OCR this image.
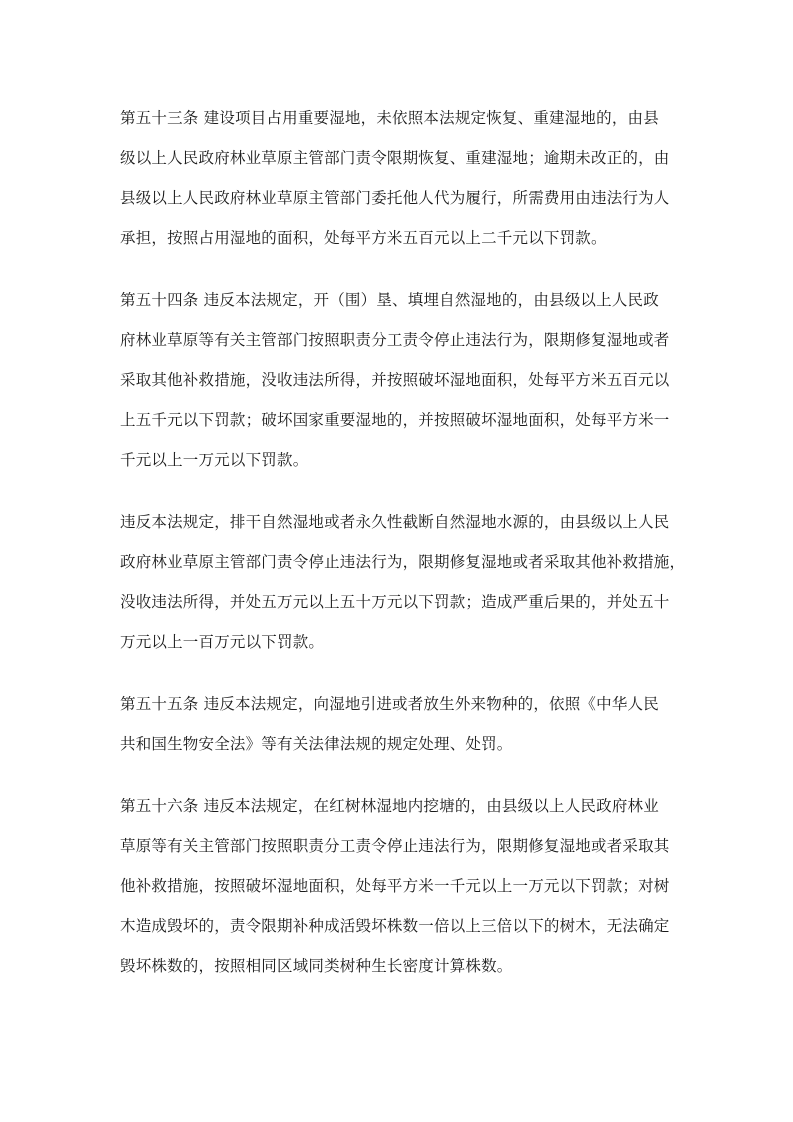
第五十三条 建设项目占用重要湿地，未依照本法规定恢复、重建湿地的，由县
级以上人民政府林业草原主管部门责令限期恢复、重建湿地；逾期未改正的，由
县级以上人民政府林业草原主管部门委托他人代为履行，所需费用由违法行为人
承担，按照占用湿地的面积，处每平方米五百元以上二千元以下罚款。

第五十四条 违反本法规定，开（围）垦、填埋自然湿地的，由县级以上人民政
府林业草原等有关主管部门按照职责分工责令停止违法行为，限期修复湿地或者
采取其他补救措施，没收违法所得，并按照破坏湿地面积，处每平方米五百元以
上五千元以下罚款；破坏国家重要湿地的，并按照破坏湿地面积，处每平方米一
千元以上一万元以下罚款。

违反本法规定，排干自然湿地或者永久性截断自然湿地水源的，由县级以上人民
政府林业草原主管部门责令停止违法行为，限期修复湿地或者采取其他补救措施，
没收违法所得，并处五万元以上五十万元以下罚款；造成严重后果的，并处五十
万元以上一百万元以下罚款。

第五十五条 违反本法规定，向湿地引进或者放生外来物种的，依照《中华人民
共和国生物安全法》等有关法律法规的规定处理、处罚。

第五十六条 违反本法规定，在红树林湿地内挖塘的，由县级以上人民政府林业
草原等有关主管部门按照职责分工责令停止违法行为，限期修复湿地或者采取其
他补救措施，按照破坏湿地面积，处每平方米一千元以上一万元以下罚款；对树
木造成毁坏的，责令限期补种成活毁坏株数一倍以上三倍以下的树木，无法确定
毁坏株数的，按照相同区域同类树种生长密度计算株数。
